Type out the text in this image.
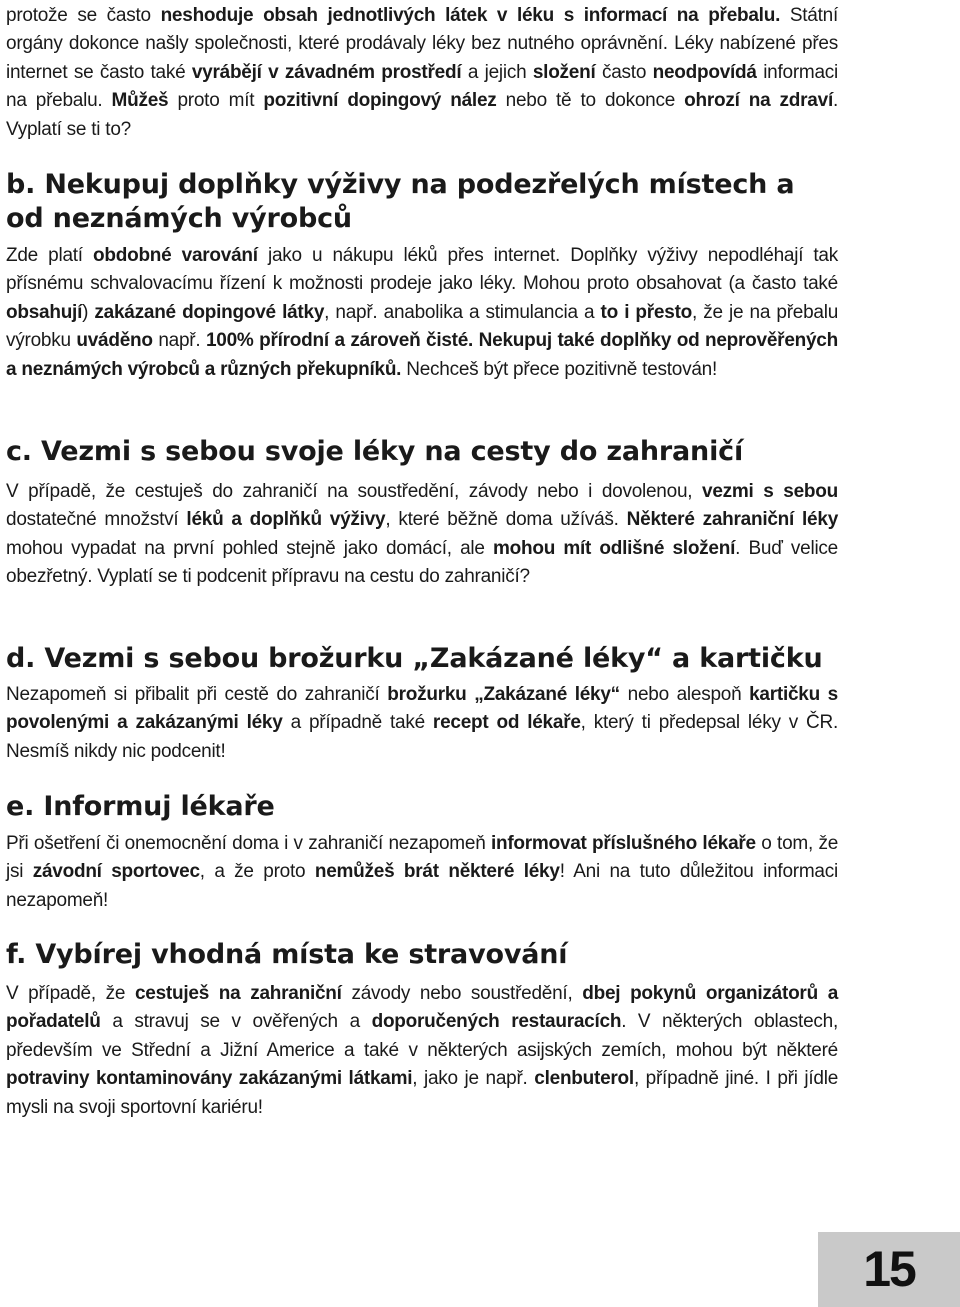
protože se často neshoduje obsah jednotlivých látek v léku s informací na přebalu. Státní orgány dokonce našly společnosti, které prodávaly léky bez nutného oprávnění. Léky nabízené přes internet se často také vyrábějí v závadném prostředí a jejich složení často neodpovídá informaci na přebalu. Můžeš proto mít pozitivní dopingový nález nebo tě to dokonce ohrozí na zdraví. Vyplatí se ti to?

b. Nekupuj doplňky výživy na podezřelých místech a od neznámých výrobců

Zde platí obdobné varování jako u nákupu léků přes internet. Doplňky výživy nepodléhají tak přísnému schvalovacímu řízení k možnosti prodeje jako léky. Mohou proto obsahovat (a často také obsahují) zakázané dopingové látky, např. anabolika a stimulancia a to i přesto, že je na přebalu výrobku uváděno např. 100% přírodní a zároveň čisté. Nekupuj také doplňky od neprověřených a neznámých výrobců a různých překupníků. Nechceš být přece pozitivně testován!

c. Vezmi s sebou svoje léky na cesty do zahraničí

V případě, že cestuješ do zahraničí na soustředění, závody nebo i dovolenou, vezmi s sebou dostatečné množství léků a doplňků výživy, které běžně doma užíváš. Některé zahraniční léky mohou vypadat na první pohled stejně jako domácí, ale mohou mít odlišné složení. Buď velice obezřetný. Vyplatí se ti podcenit přípravu na cestu do zahraničí?

d. Vezmi s sebou brožurku „Zakázané léky“ a kartičku

Nezapomeň si přibalit při cestě do zahraničí brožurku „Zakázané léky“ nebo alespoň kartičku s povolenými a zakázanými léky a případně také recept od lékaře, který ti předepsal léky v ČR. Nesmíš nikdy nic podcenit!

e. Informuj lékaře

Při ošetření či onemocnění doma i v zahraničí nezapomeň informovat příslušného lékaře o tom, že jsi závodní sportovec, a že proto nemůžeš brát některé léky! Ani na tuto důležitou informaci nezapomeň!

f. Vybírej vhodná místa ke stravování

V případě, že cestuješ na zahraniční závody nebo soustředění, dbej pokynů organizátorů a pořadatelů a stravuj se v ověřených a doporučených restauracích. V některých oblastech, především ve Střední a Jižní Americe a také v některých asijských zemích, mohou být některé potraviny kontaminovány zakázanými látkami, jako je např. clenbuterol, případně jiné. I při jídle mysli na svoji sportovní kariéru!

15
